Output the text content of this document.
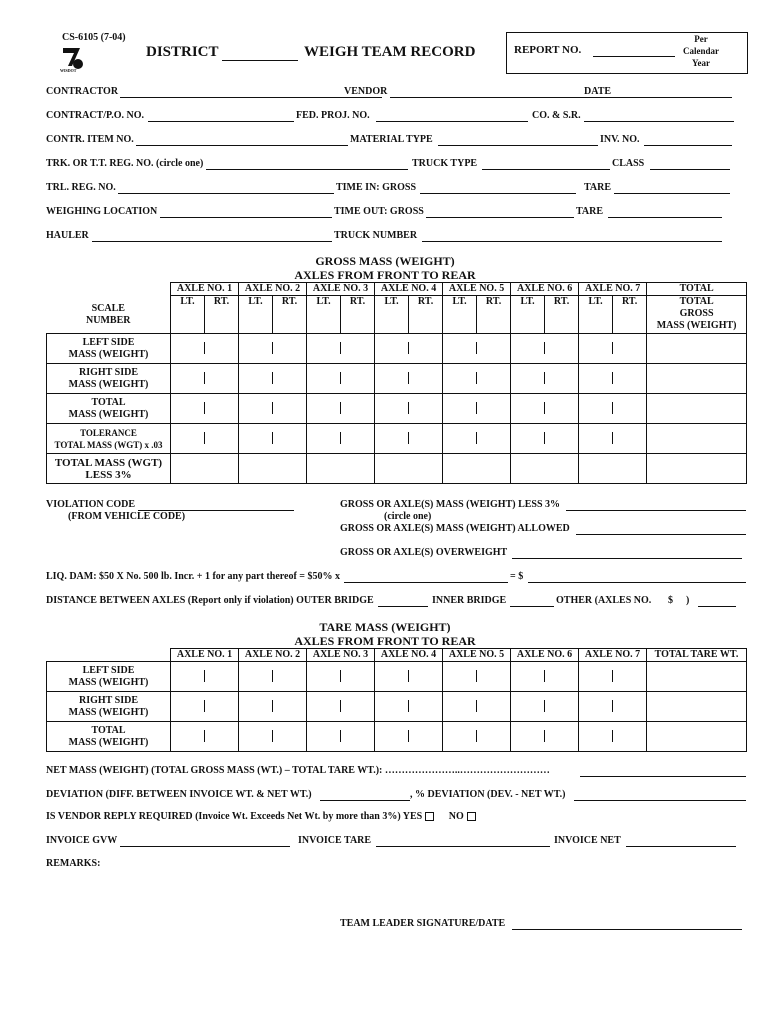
CS-6105 (7-04)
WISDOT
DISTRICT	WEIGH TEAM RECORD	REPORT NO.
Per
Calendar
Year
CONTRACTOR	VENDOR	DATE
CONTRACT/P.O. NO.	FED. PROJ. NO.	CO. & S.R.
CONTR. ITEM NO.	MATERIAL TYPE	INV. NO.
TRK. OR T.T. REG. NO. (circle one)	TRUCK TYPE	CLASS
TRL. REG. NO.	TIME IN: GROSS	TARE
WEIGHING LOCATION	TIME OUT: GROSS	TARE
HAULER	TRUCK NUMBER
GROSS MASS (WEIGHT)
AXLES FROM FRONT TO REAR
SCALE
NUMBER	AXLE NO. 1		AXLE NO. 2		AXLE NO. 3		AXLE NO. 4		AXLE NO. 5		AXLE NO. 6		AXLE NO. 7		TOTAL
	LT.	RT.	LT.	RT.	LT.	RT.	LT.	RT.	LT.	RT.	LT.	RT.	LT.	RT.	TOTAL
GROSS
MASS (WEIGHT)

LEFT SIDE
MASS (WEIGHT)															

RIGHT SIDE
MASS (WEIGHT)															

TOTAL
MASS (WEIGHT)															

TOLERANCE
TOTAL MASS (WGT) x .03															

TOTAL MASS (WGT)
LESS 3%															

VIOLATION CODE
(FROM VEHICLE CODE)
GROSS OR AXLE(S) MASS (WEIGHT) LESS 3%
(circle one)
GROSS OR AXLE(S) MASS (WEIGHT) ALLOWED
GROSS OR AXLE(S) OVERWEIGHT
LIQ. DAM: $50 X No. 500 lb. Incr. + 1 for any part thereof = $50% x	= $
DISTANCE BETWEEN AXLES (Report only if violation) OUTER BRIDGE	INNER BRIDGE	OTHER (AXLES NO. $ )
TARE MASS (WEIGHT)
AXLES FROM FRONT TO REAR
	AXLE NO. 1	AXLE NO. 2	AXLE NO. 3	AXLE NO. 4	AXLE NO. 5	AXLE NO. 6	AXLE NO. 7	TOTAL TARE WT.

LEFT SIDE
MASS (WEIGHT)								

RIGHT SIDE
MASS (WEIGHT)								

TOTAL
MASS (WEIGHT)								

NET MASS (WEIGHT) (TOTAL GROSS MASS (WT.) – TOTAL TARE WT.): …………………..………………………
DEVIATION (DIFF. BETWEEN INVOICE WT. & NET WT.)	, % DEVIATION (DEV. - NET WT.)
IS VENDOR REPLY REQUIRED (Invoice Wt. Exceeds Net Wt. by more than 3%) YES	NO
INVOICE GVW	INVOICE TARE	INVOICE NET
REMARKS:
TEAM LEADER SIGNATURE/DATE
